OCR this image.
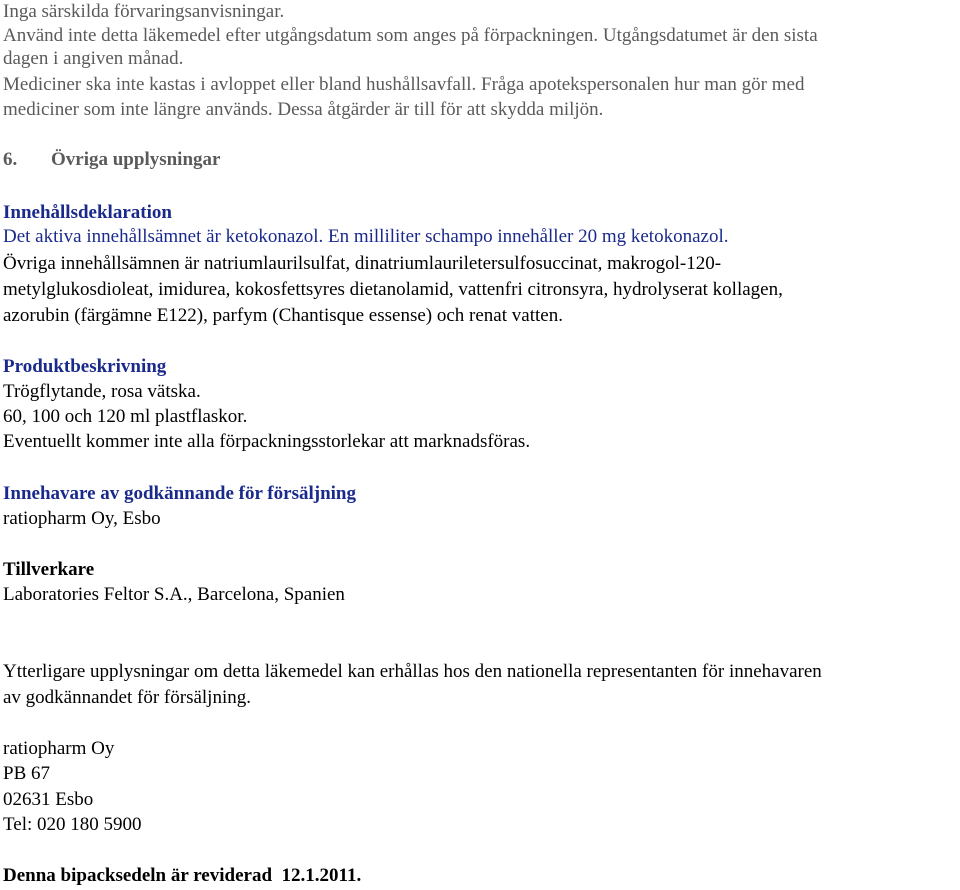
Inga särskilda förvaringsanvisningar.
Använd inte detta läkemedel efter utgångsdatum som anges på förpackningen. Utgångsdatumet är den sista
dagen i angiven månad.
Mediciner ska inte kastas i avloppet eller bland hushållsavfall. Fråga apotekspersonalen hur man gör med
mediciner som inte längre används. Dessa åtgärder är till för att skydda miljön.
6. Övriga upplysningar
Innehållsdeklaration
Det aktiva innehållsämnet är ketokonazol. En milliliter schampo innehåller 20 mg ketokonazol.
Övriga innehållsämnen är natriumlaurilsulfat, dinatriumlauriletersulfosuccinat, makrogol-120-
metylglukosdioleat, imidurea, kokosfettsyres dietanolamid, vattenfri citronsyra, hydrolyserat kollagen,
azorubin (färgämne E122), parfym (Chantisque essense) och renat vatten.
Produktbeskrivning
Trögflytande, rosa vätska.
60, 100 och 120 ml plastflaskor.
Eventuellt kommer inte alla förpackningsstorlekar att marknadsföras.
Innehavare av godkännande för försäljning
ratiopharm Oy, Esbo
Tillverkare
Laboratories Feltor S.A., Barcelona, Spanien
Ytterligare upplysningar om detta läkemedel kan erhållas hos den nationella representanten för innehavaren
av godkännandet för försäljning.
ratiopharm Oy
PB 67
02631 Esbo
Tel: 020 180 5900
Denna bipacksedeln är reviderad  12.1.2011.
